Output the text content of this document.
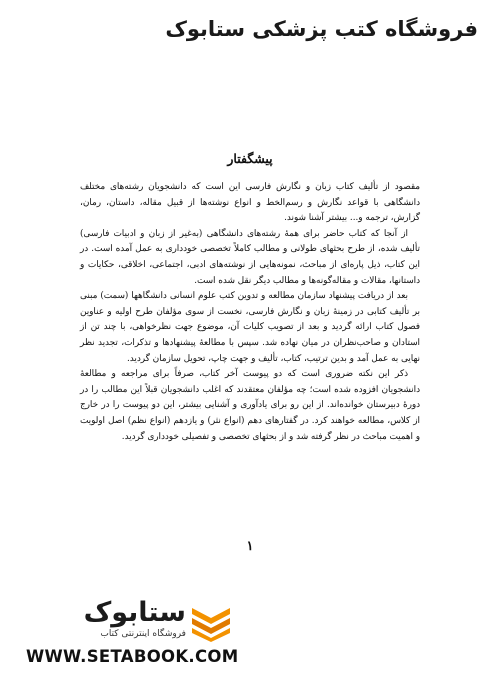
فروشگاه کتب پزشکی ستابوک
پیشگفتار

مقصود از تألیف کتاب زبان و نگارش فارسی این است که دانشجویان رشته‌های مختلف دانشگاهی با قواعد نگارش و رسم‌الخط و انواع نوشته‌ها از قبیل مقاله، داستان، رمان، گزارش، ترجمه و... بیشتر آشنا شوند.

از آنجا که کتاب حاضر برای همهٔ رشته‌های دانشگاهی (به‌غیر از زبان و ادبیات فارسی) تألیف شده، از طرح بحثهای طولانی و مطالب کاملاً تخصصی خودداری به عمل آمده است. در این کتاب، ذیل پاره‌ای از مباحث، نمونه‌هایی از نوشته‌های ادبی، اجتماعی، اخلاقی، حکایات و داستانها، مقالات و مقاله‌گونه‌ها و مطالب دیگر نقل شده است.

بعد از دریافت پیشنهاد سازمان مطالعه و تدوین کتب علوم انسانی دانشگاهها (سمت) مبنی بر تألیف کتابی در زمینهٔ زبان و نگارش فارسی، نخست از سوی مؤلفان طرح اولیه و عناوین فصول کتاب ارائه گردید و بعد از تصویب کلیات آن، موضوع جهت نظرخواهی، با چند تن از استادان و صاحب‌نظران در میان نهاده شد. سپس با مطالعهٔ پیشنهادها و تذکرات، تجدید نظر نهایی به عمل آمد و بدین ترتیب، کتاب، تألیف و جهت چاپ، تحویل سازمان گردید.

ذکر این نکته ضروری است که دو پیوست آخر کتاب، صرفاً برای مراجعه و مطالعهٔ دانشجویان افزوده شده است؛ چه مؤلفان معتقدند که اغلب دانشجویان قبلاً این مطالب را در دورهٔ دبیرستان خوانده‌اند. از این رو برای یادآوری و آشنایی بیشتر، این دو پیوست را در خارج از کلاس، مطالعه خواهند کرد. در گفتارهای دهم (انواع نثر) و یازدهم (انواع نظم) اصل اولویت و اهمیت مباحث در نظر گرفته شد و از بحثهای تخصصی و تفصیلی خودداری گردید.

۱
ستابوک
فروشگاه اینترنتی کتاب
WWW.SETABOOK.COM
